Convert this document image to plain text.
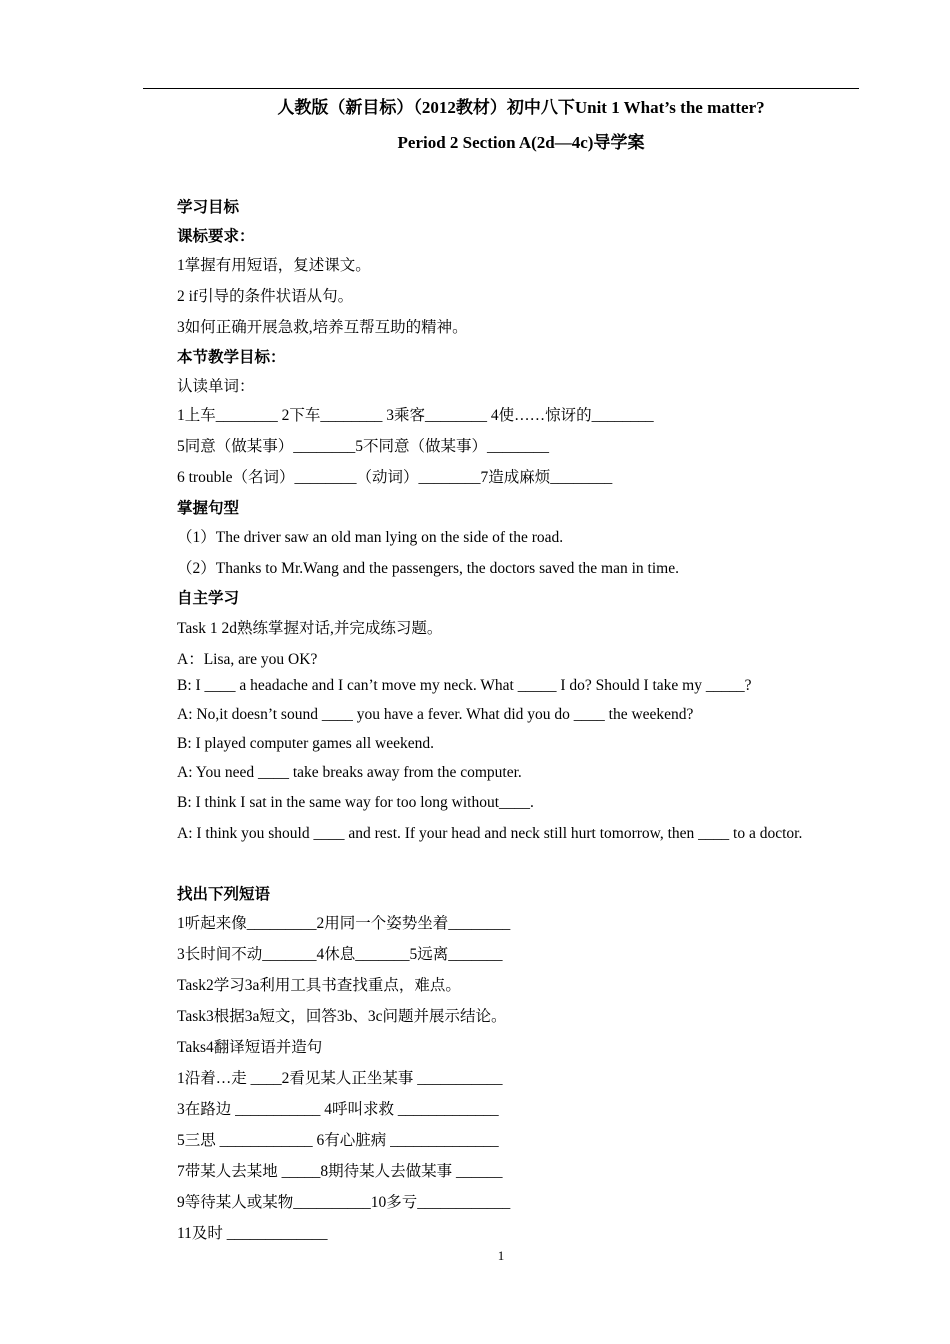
人教版（新目标）（2012教材）初中八下Unit 1 What’s the matter?
Period 2 Section A(2d—4c)导学案
学习目标
课标要求：
1掌握有用短语，复述课文。
2 if引导的条件状语从句。
3如何正确开展急救,培养互帮互助的精神。
本节教学目标：
认读单词：
1上车________ 2下车________ 3乘客________ 4使……惊讶的________
5同意（做某事）________5不同意（做某事）________
6 trouble（名词）________（动词）________7造成麻烦________
掌握句型
（1）The driver saw an old man lying on the side of the road.
（2）Thanks to Mr.Wang and the passengers, the doctors saved the man in time.
自主学习
Task 1 2d熟练掌握对话,并完成练习题。
A：Lisa, are you OK?
B: I ____ a headache and I can’t move my neck. What _____ I do? Should I take my _____?
A: No,it doesn’t sound ____ you have a fever. What did you do ____ the weekend?
B: I played computer games all weekend.
A: You need ____ take breaks away from the computer.
B: I think I sat in the same way for too long without____.
A: I think you should ____ and rest. If your head and neck still hurt tomorrow, then ____ to a doctor.
找出下列短语
1听起来像_________2用同一个姿势坐着________
3长时间不动_______4休息_______5远离_______
Task2学习3a利用工具书查找重点，难点。
Task3根据3a短文，回答3b、3c问题并展示结论。
Taks4翻译短语并造句
1沿着…走 ____2看见某人正坐某事 ___________
3在路边 ___________ 4呼叫求救 _____________
5三思 ____________ 6有心脏病 ______________
7带某人去某地 _____8期待某人去做某事 ______
9等待某人或某物__________10多亏____________
11及时 _____________
1
